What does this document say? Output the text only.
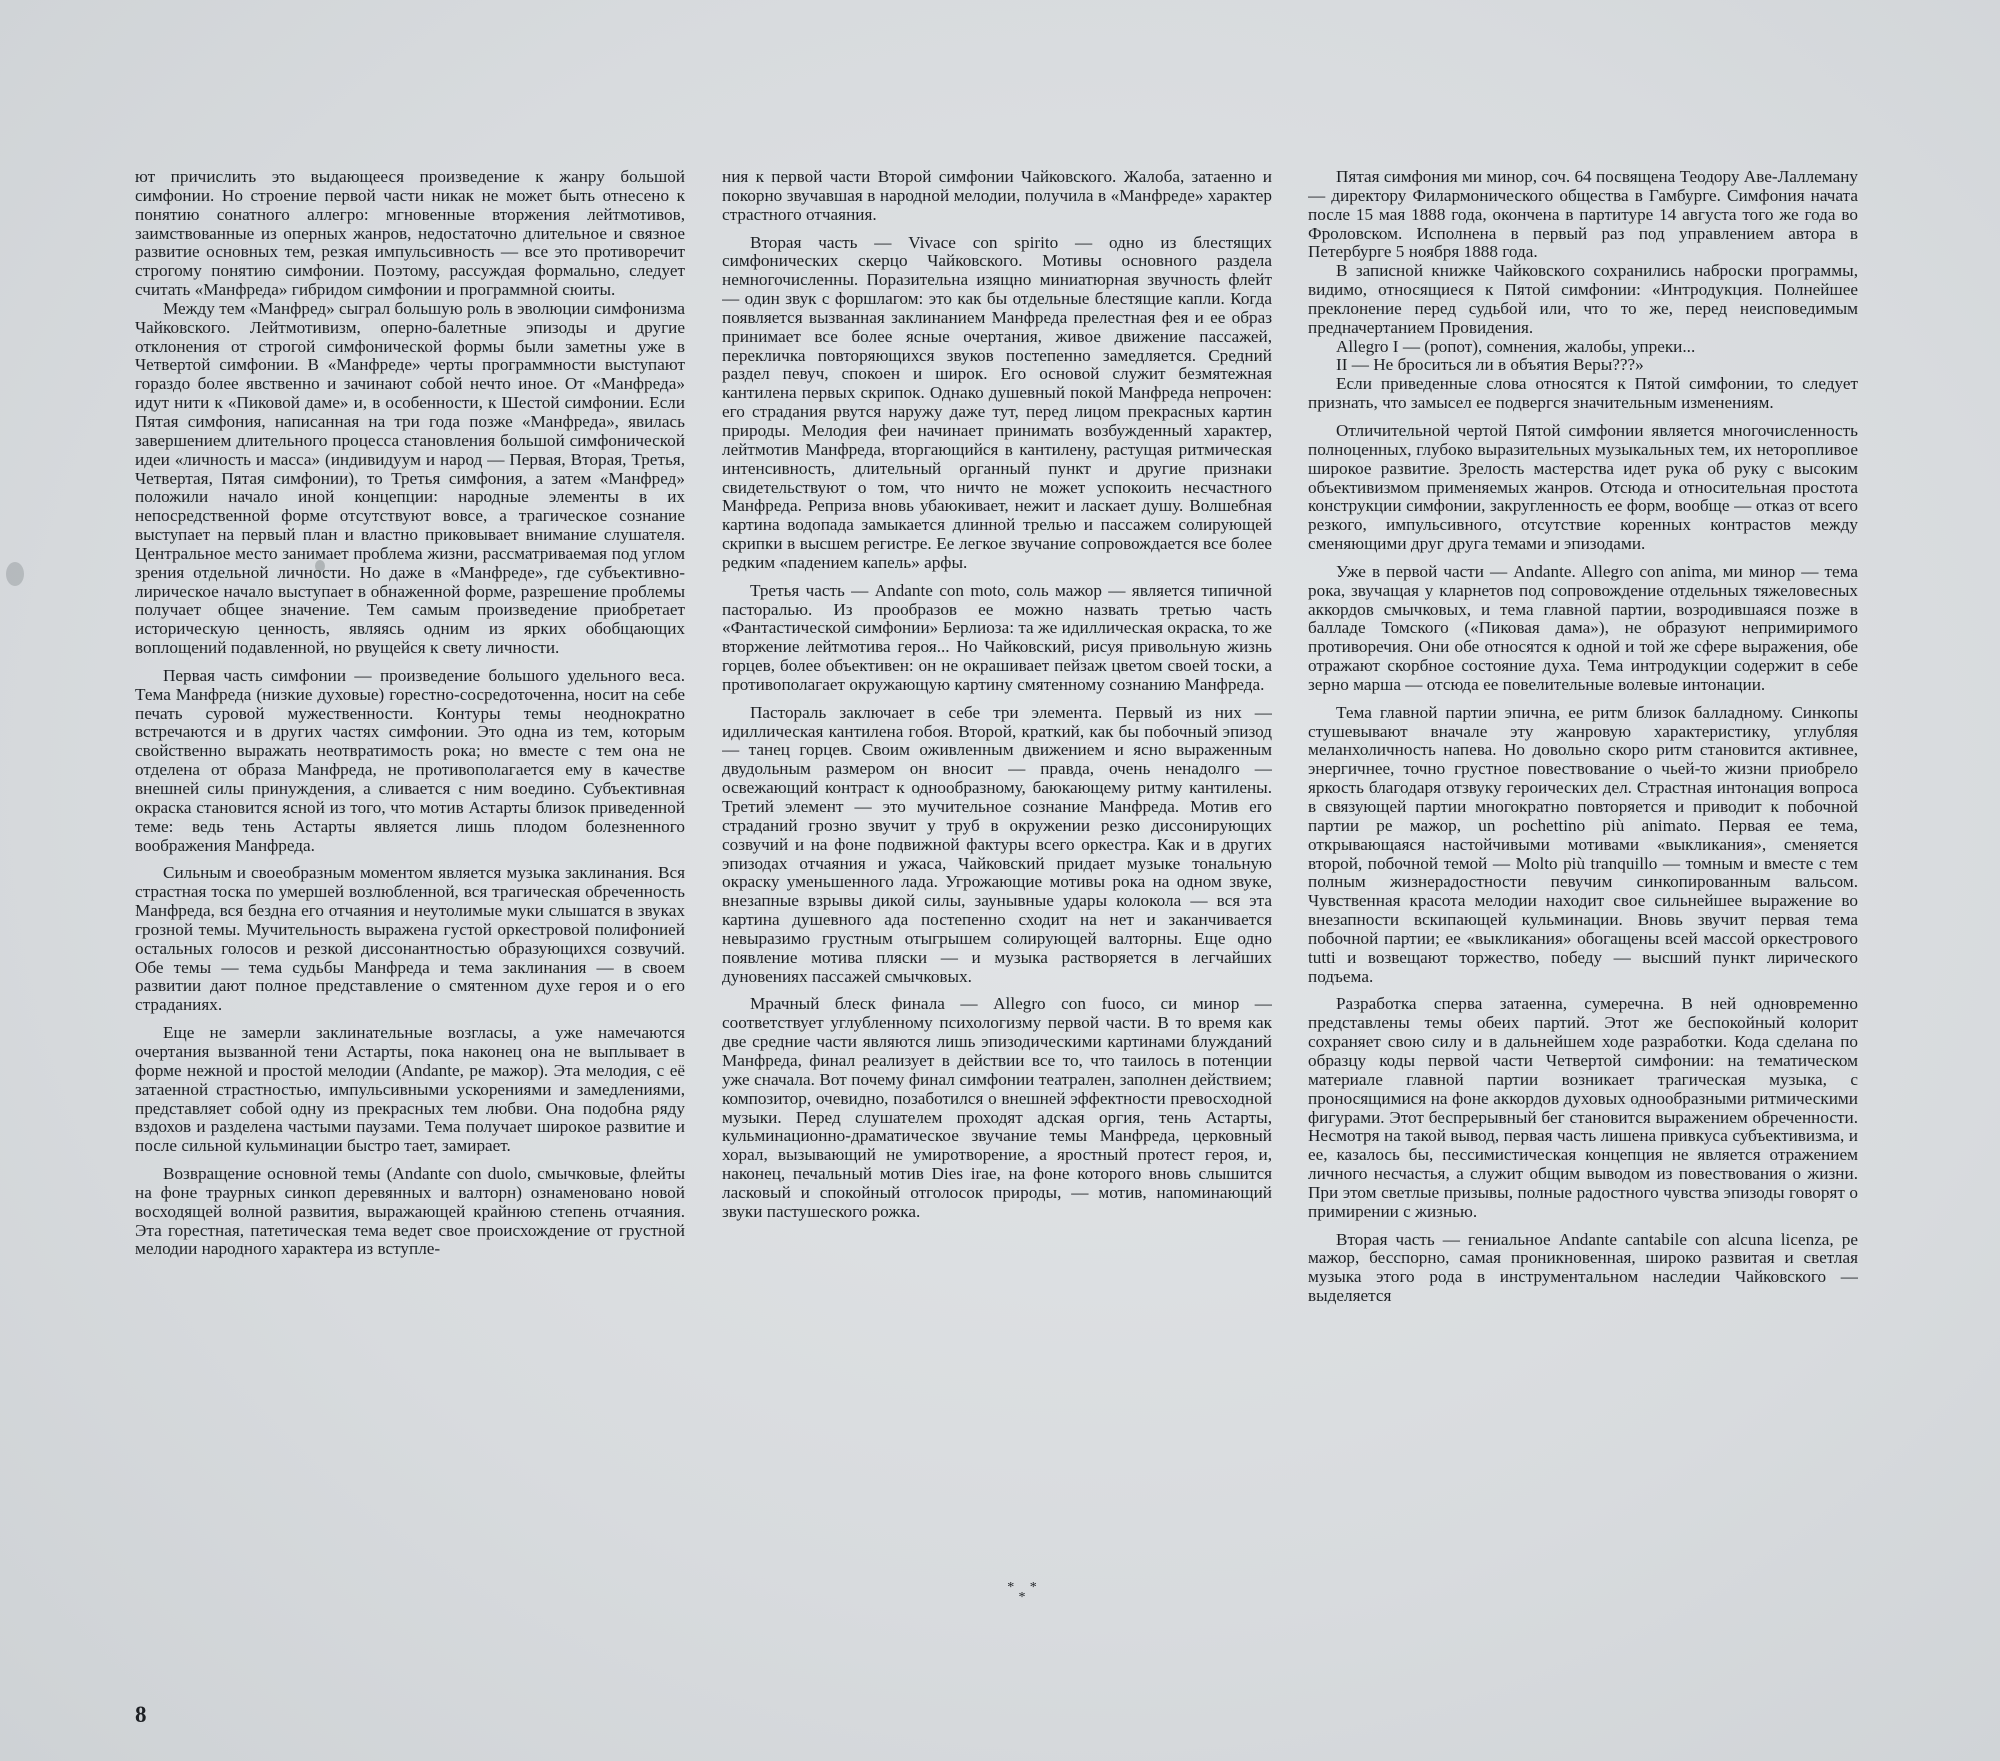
ют причислить это выдающееся произведение к жанру большой симфонии. Но строение первой части никак не может быть отнесено к понятию сонатного аллегро: мгновенные вторжения лейтмотивов, заимствованные из оперных жанров, недостаточно длительное и связное развитие основных тем, резкая импульсивность — все это противоречит строгому понятию симфонии. Поэтому, рассуждая формально, следует считать «Манфреда» гибридом симфонии и программной сюиты.

Между тем «Манфред» сыграл большую роль в эволюции симфонизма Чайковского. Лейтмотивизм, оперно-балетные эпизоды и другие отклонения от строгой симфонической формы были заметны уже в Четвертой симфонии. В «Манфреде» черты программности выступают гораздо более явственно и зачинают собой нечто иное. От «Манфреда» идут нити к «Пиковой даме» и, в особенности, к Шестой симфонии. Если Пятая симфония, написанная на три года позже «Манфреда», явилась завершением длительного процесса становления большой симфонической идеи «личность и масса» (индивидуум и народ — Первая, Вторая, Третья, Четвертая, Пятая симфонии), то Третья симфония, а затем «Манфред» положили начало иной концепции: народные элементы в их непосредственной форме отсутствуют вовсе, а трагическое сознание выступает на первый план и властно приковывает внимание слушателя. Центральное место занимает проблема жизни, рассматриваемая под углом зрения отдельной личности. Но даже в «Манфреде», где субъективно-лирическое начало выступает в обнаженной форме, разрешение проблемы получает общее значение. Тем самым произведение приобретает историческую ценность, являясь одним из ярких обобщающих воплощений подавленной, но рвущейся к свету личности.

Первая часть симфонии — произведение большого удельного веса. Тема Манфреда (низкие духовые) горестно-сосредоточенна, носит на себе печать суровой мужественности. Контуры темы неоднократно встречаются и в других частях симфонии. Это одна из тем, которым свойственно выражать неотвратимость рока; но вместе с тем она не отделена от образа Манфреда, не противополагается ему в качестве внешней силы принуждения, а сливается с ним воедино. Субъективная окраска становится ясной из того, что мотив Астарты близок приведенной теме: ведь тень Астарты является лишь плодом болезненного воображения Манфреда.

Сильным и своеобразным моментом является музыка заклинания. Вся страстная тоска по умершей возлюбленной, вся трагическая обреченность Манфреда, вся бездна его отчаяния и неутолимые муки слышатся в звуках грозной темы. Мучительность выражена густой оркестровой полифонией остальных голосов и резкой диссонантностью образующихся созвучий. Обе темы — тема судьбы Манфреда и тема заклинания — в своем развитии дают полное представление о смятенном духе героя и о его страданиях.

Еще не замерли заклинательные возгласы, а уже намечаются очертания вызванной тени Астарты, пока наконец она не выплывает в форме нежной и простой мелодии (Andante, ре мажор). Эта мелодия, с её затаенной страстностью, импульсивными ускорениями и замедлениями, представляет собой одну из прекрасных тем любви. Она подобна ряду вздохов и разделена частыми паузами. Тема получает широкое развитие и после сильной кульминации быстро тает, замирает.

Возвращение основной темы (Andante con duolo, смычковые, флейты на фоне траурных синкоп деревянных и валторн) ознаменовано новой восходящей волной развития, выражающей крайнюю степень отчаяния. Эта горестная, патетическая тема ведет свое происхождение от грустной мелодии народного характера из вступле-

ния к первой части Второй симфонии Чайковского. Жалоба, затаенно и покорно звучавшая в народной мелодии, получила в «Манфреде» характер страстного отчаяния.

Вторая часть — Vivace con spirito — одно из блестящих симфонических скерцо Чайковского. Мотивы основного раздела немногочисленны. Поразительна изящно миниатюрная звучность флейт — один звук с форшлагом: это как бы отдельные блестящие капли. Когда появляется вызванная заклинанием Манфреда прелестная фея и ее образ принимает все более ясные очертания, живое движение пассажей, перекличка повторяющихся звуков постепенно замедляется. Средний раздел певуч, спокоен и широк. Его основой служит безмятежная кантилена первых скрипок. Однако душевный покой Манфреда непрочен: его страдания рвутся наружу даже тут, перед лицом прекрасных картин природы. Мелодия феи начинает принимать возбужденный характер, лейтмотив Манфреда, вторгающийся в кантилену, растущая ритмическая интенсивность, длительный органный пункт и другие признаки свидетельствуют о том, что ничто не может успокоить несчастного Манфреда. Реприза вновь убаюкивает, нежит и ласкает душу. Волшебная картина водопада замыкается длинной трелью и пассажем солирующей скрипки в высшем регистре. Ее легкое звучание сопровождается все более редким «падением капель» арфы.

Третья часть — Andante con moto, соль мажор — является типичной пасторалью. Из прообразов ее можно назвать третью часть «Фантастической симфонии» Берлиоза: та же идиллическая окраска, то же вторжение лейтмотива героя... Но Чайковский, рисуя привольную жизнь горцев, более объективен: он не окрашивает пейзаж цветом своей тоски, а противополагает окружающую картину смятенному сознанию Манфреда.

Пастораль заключает в себе три элемента. Первый из них — идиллическая кантилена гобоя. Второй, краткий, как бы побочный эпизод — танец горцев. Своим оживленным движением и ясно выраженным двудольным размером он вносит — правда, очень ненадолго — освежающий контраст к однообразному, баюкающему ритму кантилены. Третий элемент — это мучительное сознание Манфреда. Мотив его страданий грозно звучит у труб в окружении резко диссонирующих созвучий и на фоне подвижной фактуры всего оркестра. Как и в других эпизодах отчаяния и ужаса, Чайковский придает музыке тональную окраску уменьшенного лада. Угрожающие мотивы рока на одном звуке, внезапные взрывы дикой силы, заунывные удары колокола — вся эта картина душевного ада постепенно сходит на нет и заканчивается невыразимо грустным отыгрышем солирующей валторны. Еще одно появление мотива пляски — и музыка растворяется в легчайших дуновениях пассажей смычковых.

Мрачный блеск финала — Allegro con fuoco, си минор — соответствует углубленному психологизму первой части. В то время как две средние части являются лишь эпизодическими картинами блужданий Манфреда, финал реализует в действии все то, что таилось в потенции уже сначала. Вот почему финал симфонии театрален, заполнен действием; композитор, очевидно, позаботился о внешней эффектности превосходной музыки. Перед слушателем проходят адская оргия, тень Астарты, кульминационно-драматическое звучание темы Манфреда, церковный хорал, вызывающий не умиротворение, а яростный протест героя, и, наконец, печальный мотив Dies irae, на фоне которого вновь слышится ласковый и спокойный отголосок природы, — мотив, напоминающий звуки пастушеского рожка.

Пятая симфония ми минор, соч. 64 посвящена Теодору Аве-Лаллеману — директору Филармонического общества в Гамбурге. Симфония начата после 15 мая 1888 года, окончена в партитуре 14 августа того же года во Фроловском. Исполнена в первый раз под управлением автора в Петербурге 5 ноября 1888 года.

В записной книжке Чайковского сохранились наброски программы, видимо, относящиеся к Пятой симфонии: «Интродукция. Полнейшее преклонение перед судьбой или, что то же, перед неисповедимым предначертанием Провидения.

Allegro I — (ропот), сомнения, жалобы, упреки...

II — Не броситься ли в объятия Веры???»

Если приведенные слова относятся к Пятой симфонии, то следует признать, что замысел ее подвергся значительным изменениям.

Отличительной чертой Пятой симфонии является многочисленность полноценных, глубоко выразительных музыкальных тем, их неторопливое широкое развитие. Зрелость мастерства идет рука об руку с высоким объективизмом применяемых жанров. Отсюда и относительная простота конструкции симфонии, закругленность ее форм, вообще — отказ от всего резкого, импульсивного, отсутствие коренных контрастов между сменяющими друг друга темами и эпизодами.

Уже в первой части — Andante. Allegro con anima, ми минор — тема рока, звучащая у кларнетов под сопровождение отдельных тяжеловесных аккордов смычковых, и тема главной партии, возродившаяся позже в балладе Томского («Пиковая дама»), не образуют непримиримого противоречия. Они обе относятся к одной и той же сфере выражения, обе отражают скорбное состояние духа. Тема интродукции содержит в себе зерно марша — отсюда ее повелительные волевые интонации.

Тема главной партии эпична, ее ритм близок балладному. Синкопы стушевывают вначале эту жанровую характеристику, углубляя меланхоличность напева. Но довольно скоро ритм становится активнее, энергичнее, точно грустное повествование о чьей-то жизни приобрело яркость благодаря отзвуку героических дел. Страстная интонация вопроса в связующей партии многократно повторяется и приводит к побочной партии ре мажор, un pochettino più animato. Первая ее тема, открывающаяся настойчивыми мотивами «выкликания», сменяется второй, побочной темой — Molto più tranquillo — томным и вместе с тем полным жизнерадостности певучим синкопированным вальсом. Чувственная красота мелодии находит свое сильнейшее выражение во внезапности вскипающей кульминации. Вновь звучит первая тема побочной партии; ее «выкликания» обогащены всей массой оркестрового tutti и возвещают торжество, победу — высший пункт лирического подъема.

Разработка сперва затаенна, сумеречна. В ней одновременно представлены темы обеих партий. Этот же беспокойный колорит сохраняет свою силу и в дальнейшем ходе разработки. Кода сделана по образцу коды первой части Четвертой симфонии: на тематическом материале главной партии возникает трагическая музыка, с проносящимися на фоне аккордов духовых однообразными ритмическими фигурами. Этот беспрерывный бег становится выражением обреченности. Несмотря на такой вывод, первая часть лишена привкуса субъективизма, и ее, казалось бы, пессимистическая концепция не является отражением личного несчастья, а служит общим выводом из повествования о жизни. При этом светлые призывы, полные радостного чувства эпизоды говорят о примирении с жизнью.

Вторая часть — гениальное Andante cantabile con alcuna licenza, ре мажор, бесспорно, самая проникновенная, широко развитая и светлая музыка этого рода в инструментальном наследии Чайковского — выделяется

* *
*
8
